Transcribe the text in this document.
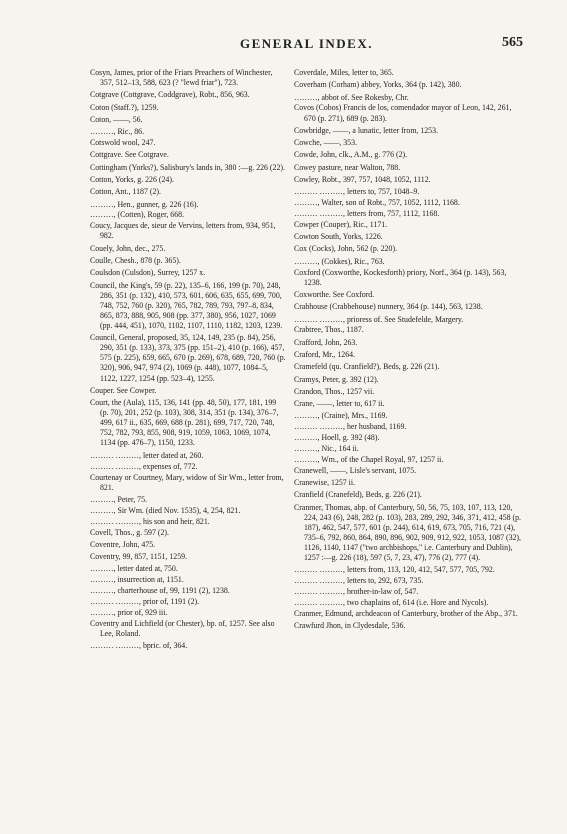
GENERAL INDEX.	565
Cosyn, James, prior of the Friars Preachers of Winchester, 357, 512–13, 588, 623 (? "lewd friar"), 723.
Cotgrave (Cottgrave, Coddgrave), Robt., 856, 963.
Coton (Staff.?), 1259.
Coton, ——, 56.
………, Ric., 86.
Cotswold wool, 247.
Cottgrave. See Cotgrave.
Cottingham (Yorks?), Salisbury's lands in, 380 :—g. 226 (22).
Cotton, Yorks, g. 226 (24).
Cotton, Ant., 1187 (2).
………, Hen., gunner, g. 226 (16).
………, (Cotten), Roger, 668.
Coucy, Jacques de, sieur de Vervins, letters from, 934, 951, 982.
Couely, John, dec., 275.
Coulle, Chesh., 878 (p. 365).
Coulsdon (Culsdon), Surrey, 1257 x.
Council, the King's, 59 (p. 22), 135–6, 166, 199 (p. 70), 248, 286, 351 (p. 132), 410, 573, 601, 606, 635, 655, 699, 700, 748, 752, 760 (p. 320), 765, 782, 789, 793, 797–8, 834, 865, 873, 888, 905, 908 (pp. 377, 380), 956, 1027, 1069 (pp. 444, 451), 1070, 1102, 1107, 1110, 1182, 1203, 1239.
Council, General, proposed, 35, 124, 149, 235 (p. 84), 256, 290, 351 (p. 133), 373, 375 (pp. 151–2), 410 (p. 166), 457, 575 (p. 225), 659, 665, 670 (p. 269), 678, 689, 720, 760 (p. 320), 906, 947, 974 (2), 1069 (p. 448), 1077, 1084–5, 1122, 1227, 1254 (pp. 523–4), 1255.
Couper. See Cowper.
Court, the (Aula), 115, 136, 141 (pp. 48, 50), 177, 181, 199 (p. 70), 201, 252 (p. 103), 308, 314, 351 (p. 134), 376–7, 499, 617 ii., 635, 669, 688 (p. 281), 699, 717, 720, 748, 752, 782, 793, 855, 908, 919, 1059, 1063, 1069, 1074, 1134 (pp. 476–7), 1150, 1233.
……… ………, letter dated at, 260.
……… ………, expenses of, 772.
Courtenay or Courtney, Mary, widow of Sir Wm., letter from, 821.
………, Peter, 75.
………, Sir Wm. (died Nov. 1535), 4, 254, 821.
……… ………, his son and heir, 821.
Covell, Thos., g. 597 (2).
Coventre, John, 475.
Coventry, 99, 857, 1151, 1259.
………, letter dated at, 750.
………, insurrection at, 1151.
………, charterhouse of, 99, 1191 (2), 1238.
……… ………, prior of, 1191 (2).
………, prior of, 929 iii.
Coventry and Lichfield (or Chester), bp. of, 1257. See also Lee, Roland.
……… ………, bpric. of, 364.
Coverdale, Miles, letter to, 365.
Coverham (Corham) abbey, Yorks, 364 (p. 142), 380.
………, abbot of. See Rokesby, Chr.
Covos (Cobos) Francis de los, comendador mayor of Leon, 142, 261, 670 (p. 271), 689 (p. 283).
Cowbridge, ——, a lunatic, letter from, 1253.
Cowche, ——, 353.
Cowde, John, clk., A.M., g. 776 (2).
Cowey pasture, near Walton, 788.
Cowley, Robt., 397, 757, 1048, 1052, 1112.
……… ………, letters to, 757, 1048–9.
………, Walter, son of Robt., 757, 1052, 1112, 1168.
……… ………, letters from, 757, 1112, 1168.
Cowper (Couper), Ric., 1171.
Cowton South, Yorks, 1226.
Cox (Cocks), John, 562 (p. 220).
………, (Cokkes), Ric., 763.
Coxford (Coxworthe, Kockesforth) priory, Norf., 364 (p. 143), 563, 1238.
Coxworthe. See Coxford.
Crabhouse (Crabbehouse) nunnery, 364 (p. 144), 563, 1238.
……… ………, prioress of. See Studefelde, Margery.
Crabtree, Thos., 1187.
Crafford, John, 263.
Craford, Mr., 1264.
Cramefeld (qu. Cranfield?), Beds, g. 226 (21).
Cramys, Peter, g. 392 (12).
Crandon, Thos., 1257 vii.
Crane, ——, letter to, 617 ii.
………, (Craine), Mrs., 1169.
……… ………, her husband, 1169.
………, Hoell, g. 392 (48).
………, Nic., 164 ii.
………, Wm., of the Chapel Royal, 97, 1257 ii.
Cranewell, ——, Lisle's servant, 1075.
Cranewise, 1257 ii.
Cranfield (Cranefeld), Beds, g. 226 (21).
Cranmer, Thomas, abp. of Canterbury, 50, 56, 75, 103, 107, 113, 120, 224, 243 (6), 248, 282 (p. 103), 283, 289, 292, 346, 371, 412, 458 (p. 187), 462, 547, 577, 601 (p. 244), 614, 619, 673, 705, 716, 721 (4), 735–6, 792, 860, 864, 890, 896, 902, 909, 912, 922, 1053, 1087 (32), 1126, 1140, 1147 ("two archbishops," i.e. Canterbury and Dublin), 1257 :—g. 226 (18), 597 (5, 7, 23, 47), 776 (2), 777 (4).
……… ………, letters from, 113, 120, 412, 547, 577, 705, 792.
……… ………, letters to, 292, 673, 735.
……… ………, brother-in-law of, 547.
……… ………, two chaplains of, 614 (i.e. Hore and Nycols).
Cranmer, Edmund, archdeacon of Canterbury, brother of the Abp., 371.
Crawfurd Jhon, in Clydesdale, 536.
